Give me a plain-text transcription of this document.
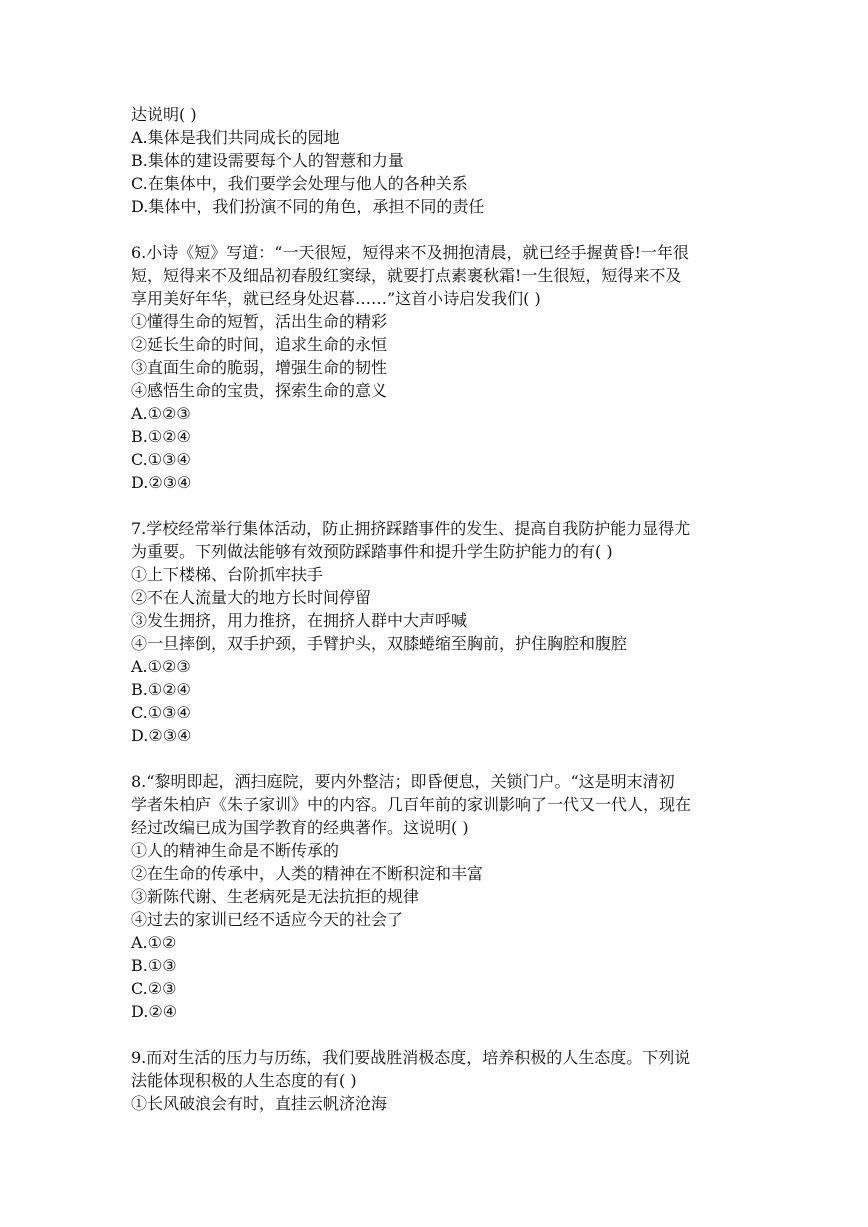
达说明( )
A.集体是我们共同成长的园地
B.集体的建设需要每个人的智薏和力量
C.在集体中，我们要学会处理与他人的各种关系
D.集体中，我们扮演不同的角色，承担不同的责任
6.小诗《短》写道：“一天很短，短得来不及拥抱清晨，就已经手握黄昏!一年很
短，短得来不及细品初春殷红窦绿，就要打点素裹秋霜!一生很短，短得来不及
享用美好年华，就已经身处迟暮……”这首小诗启发我们( )
①懂得生命的短暂，活出生命的精彩
②延长生命的时间，追求生命的永恒
③直面生命的脆弱，增强生命的韧性
④感悟生命的宝贵，探索生命的意义
A.①②③
B.①②④
C.①③④
D.②③④
7.学校经常举行集体活动，防止拥挤踩踏事件的发生、提高自我防护能力显得尤
为重要。下列做法能够有效预防踩踏事件和提升学生防护能力的有( )
①上下楼梯、台阶抓牢扶手
②不在人流量大的地方长时间停留
③发生拥挤，用力推挤，在拥挤人群中大声呼喊
④一旦摔倒，双手护颈，手臂护头，双膝蜷缩至胸前，护住胸腔和腹腔
A.①②③
B.①②④
C.①③④
D.②③④
8.“黎明即起，洒扫庭院，要内外整洁；即昏便息，关锁门户。“这是明末清初
学者朱柏庐《朱子家训》中的内容。几百年前的家训影响了一代又一代人，现在
经过改编已成为国学教育的经典著作。这说明( )
①人的精神生命是不断传承的
②在生命的传承中，人类的精神在不断积淀和丰富
③新陈代谢、生老病死是无法抗拒的规律
④过去的家训已经不适应今天的社会了
A.①②
B.①③
C.②③
D.②④
9.而对生活的压力与历练，我们要战胜消极态度，培养积极的人生态度。下列说
法能体现积极的人生态度的有( )
①长风破浪会有时，直挂云帆济沧海
